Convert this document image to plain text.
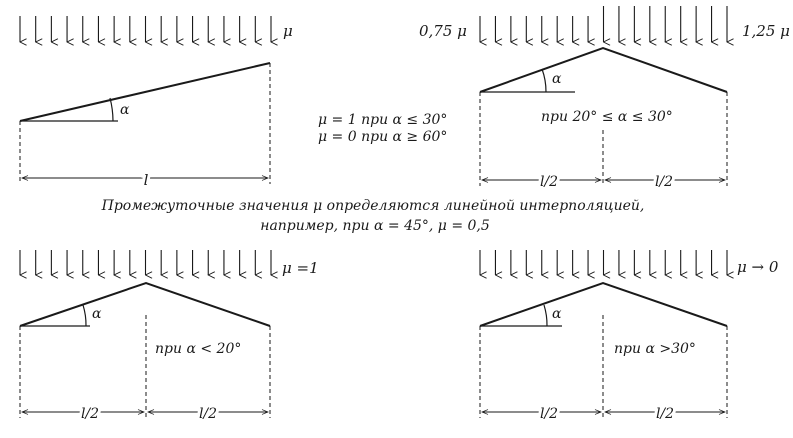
μ
α
l
μ = 1 при α ≤ 30°
μ = 0 при α ≥ 60°
0,75 μ	1,25 μ
α
при 20° ≤ α ≤ 30°
l/2	l/2
Промежуточные значения μ определяются линейной интерполяцией,
например, при α = 45°, μ = 0,5
μ =1
α
при α < 20°
l/2	l/2
μ → 0
α
при α >30°
l/2	l/2
